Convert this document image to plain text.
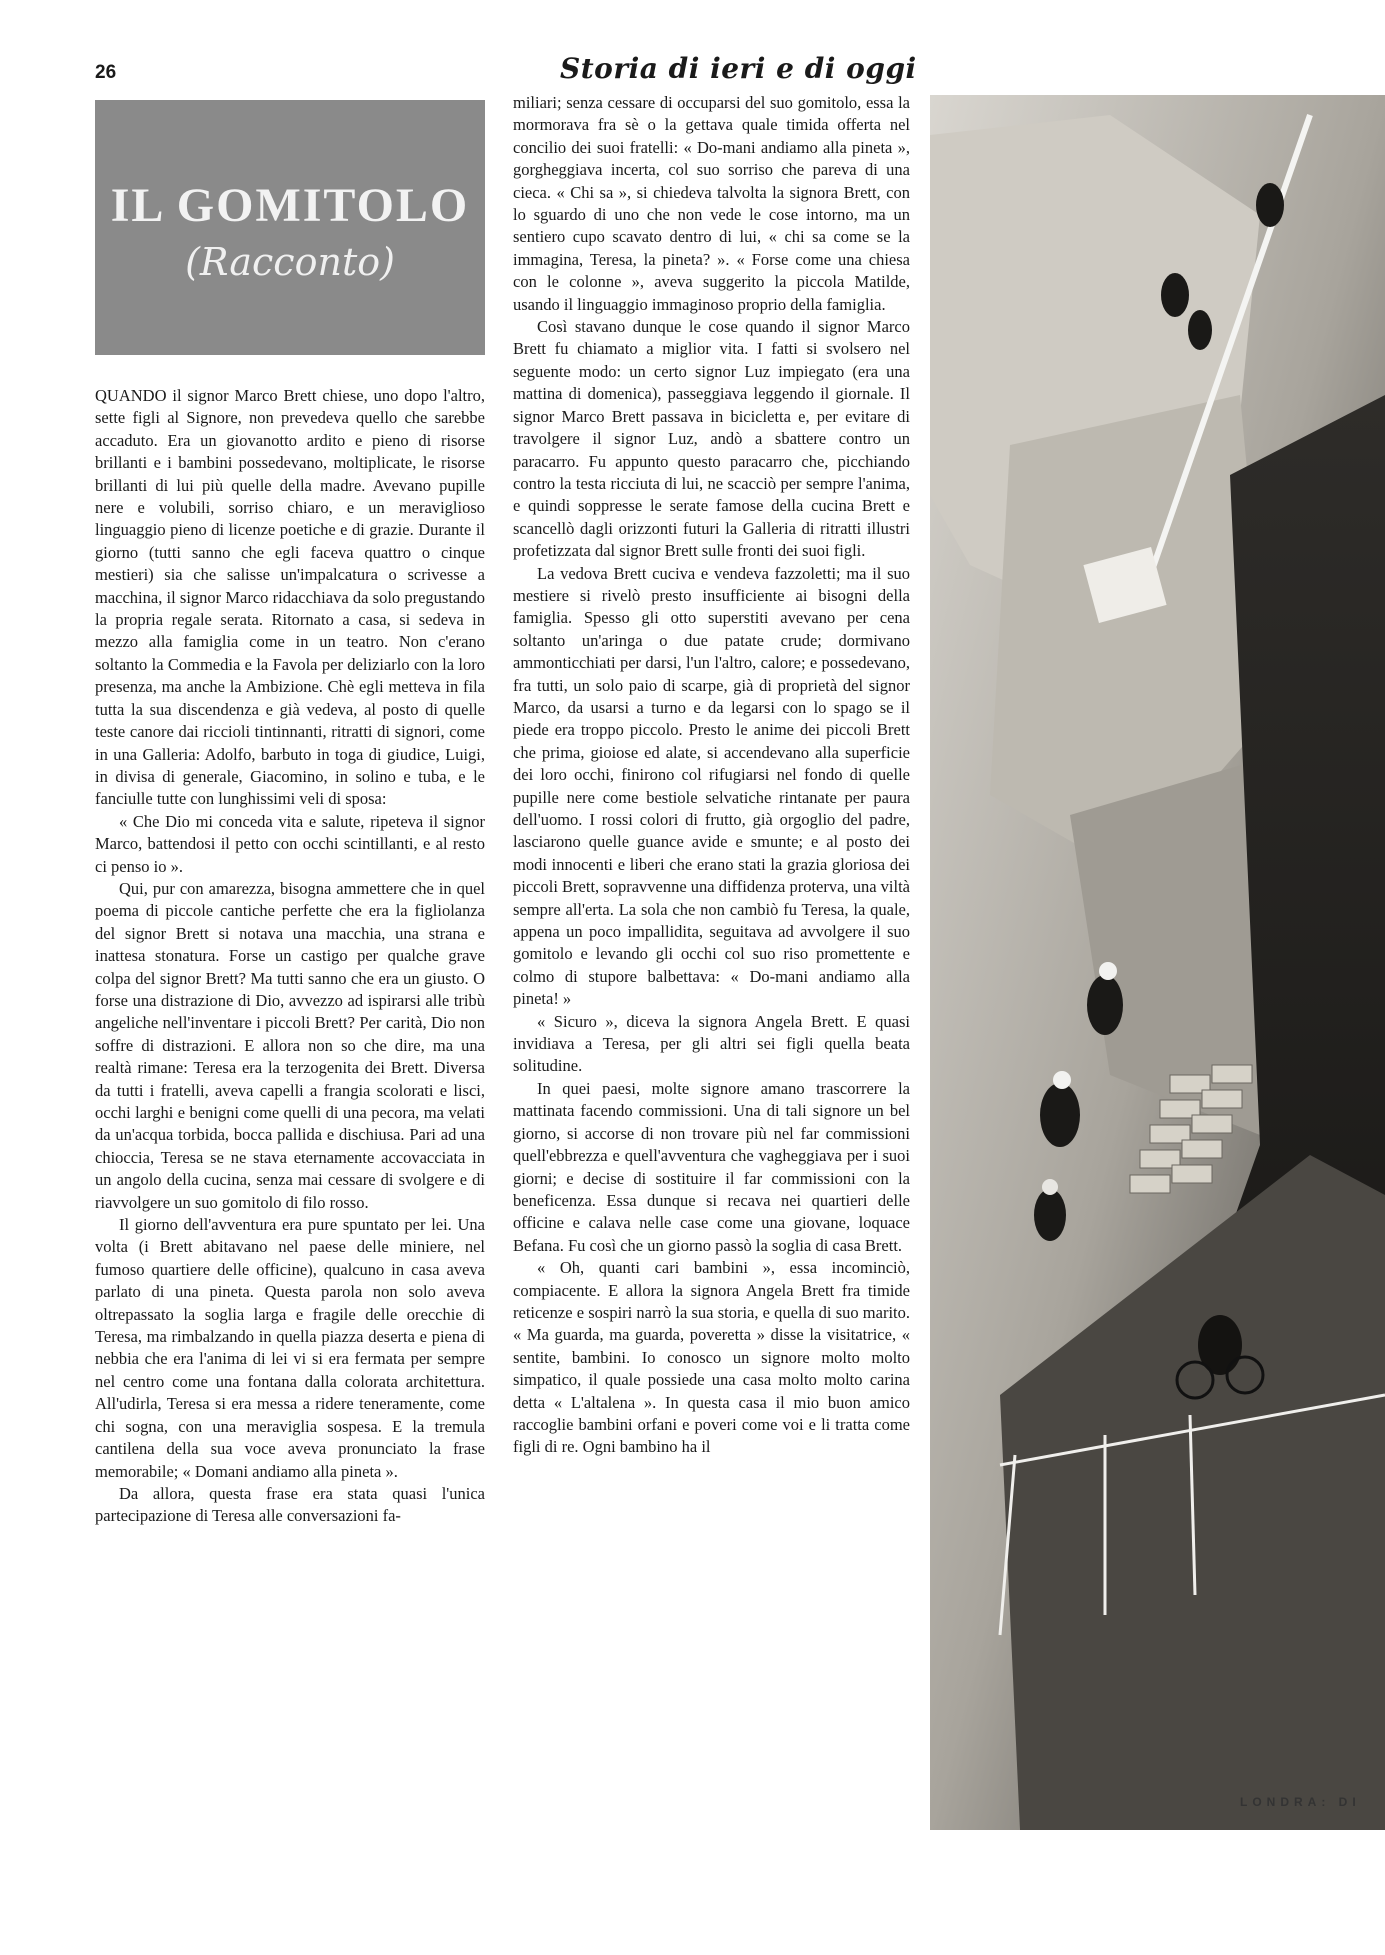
26	Storia di ieri e di oggi
IL GOMITOLO
(Racconto)

QUANDO il signor Marco Brett chiese, uno dopo l'altro, sette figli al Signore, non prevedeva quello che sarebbe accaduto. Era un giovanotto ardito e pieno di risorse brillanti e i bambini possedevano, moltiplicate, le risorse brillanti di lui più quelle della madre. Avevano pupille nere e volubili, sorriso chiaro, e un meraviglioso linguaggio pieno di licenze poetiche e di grazie. Durante il giorno (tutti sanno che egli faceva quattro o cinque mestieri) sia che salisse un'impalcatura o scrivesse a macchina, il signor Marco ridacchiava da solo pregustando la propria regale serata. Ritornato a casa, si sedeva in mezzo alla famiglia come in un teatro. Non c'erano soltanto la Commedia e la Favola per deliziarlo con la loro presenza, ma anche la Ambizione. Chè egli metteva in fila tutta la sua discendenza e già vedeva, al posto di quelle teste canore dai riccioli tintinnanti, ritratti di signori, come in una Galleria: Adolfo, barbuto in toga di giudice, Luigi, in divisa di generale, Giacomino, in solino e tuba, e le fanciulle tutte con lunghissimi veli di sposa:

« Che Dio mi conceda vita e salute, ripeteva il signor Marco, battendosi il petto con occhi scintillanti, e al resto ci penso io ».

Qui, pur con amarezza, bisogna ammettere che in quel poema di piccole cantiche perfette che era la figliolanza del signor Brett si notava una macchia, una strana e inattesa stonatura. Forse un castigo per qualche grave colpa del signor Brett? Ma tutti sanno che era un giusto. O forse una distrazione di Dio, avvezzo ad ispirarsi alle tribù angeliche nell'inventare i piccoli Brett? Per carità, Dio non soffre di distrazioni. E allora non so che dire, ma una realtà rimane: Teresa era la terzogenita dei Brett. Diversa da tutti i fratelli, aveva capelli a frangia scolorati e lisci, occhi larghi e benigni come quelli di una pecora, ma velati da un'acqua torbida, bocca pallida e dischiusa. Pari ad una chioccia, Teresa se ne stava eternamente accovacciata in un angolo della cucina, senza mai cessare di svolgere e di riavvolgere un suo gomitolo di filo rosso.

Il giorno dell'avventura era pure spuntato per lei. Una volta (i Brett abitavano nel paese delle miniere, nel fumoso quartiere delle officine), qualcuno in casa aveva parlato di una pineta. Questa parola non solo aveva oltrepassato la soglia larga e fragile delle orecchie di Teresa, ma rimbalzando in quella piazza deserta e piena di nebbia che era l'anima di lei vi si era fermata per sempre nel centro come una fontana dalla colorata architettura. All'udirla, Teresa si era messa a ridere teneramente, come chi sogna, con una meraviglia sospesa. E la tremula cantilena della sua voce aveva pronunciato la frase memorabile; « Domani andiamo alla pineta ».

Da allora, questa frase era stata quasi l'unica partecipazione di Teresa alle conversazioni fa-

miliari; senza cessare di occuparsi del suo gomitolo, essa la mormorava fra sè o la gettava quale timida offerta nel concilio dei suoi fratelli: « Do-mani andiamo alla pineta », gorgheggiava incerta, col suo sorriso che pareva di una cieca. « Chi sa », si chiedeva talvolta la signora Brett, con lo sguardo di uno che non vede le cose intorno, ma un sentiero cupo scavato dentro di lui, « chi sa come se la immagina, Teresa, la pineta? ». « Forse come una chiesa con le colonne », aveva suggerito la piccola Matilde, usando il linguaggio immaginoso proprio della famiglia.

Così stavano dunque le cose quando il signor Marco Brett fu chiamato a miglior vita. I fatti si svolsero nel seguente modo: un certo signor Luz impiegato (era una mattina di domenica), passeggiava leggendo il giornale. Il signor Marco Brett passava in bicicletta e, per evitare di travolgere il signor Luz, andò a sbattere contro un paracarro. Fu appunto questo paracarro che, picchiando contro la testa ricciuta di lui, ne scacciò per sempre l'anima, e quindi soppresse le serate famose della cucina Brett e scancellò dagli orizzonti futuri la Galleria di ritratti illustri profetizzata dal signor Brett sulle fronti dei suoi figli.

La vedova Brett cuciva e vendeva fazzoletti; ma il suo mestiere si rivelò presto insufficiente ai bisogni della famiglia. Spesso gli otto superstiti avevano per cena soltanto un'aringa o due patate crude; dormivano ammonticchiati per darsi, l'un l'altro, calore; e possedevano, fra tutti, un solo paio di scarpe, già di proprietà del signor Marco, da usarsi a turno e da legarsi con lo spago se il piede era troppo piccolo. Presto le anime dei piccoli Brett che prima, gioiose ed alate, si accendevano alla superficie dei loro occhi, finirono col rifugiarsi nel fondo di quelle pupille nere come bestiole selvatiche rintanate per paura dell'uomo. I rossi colori di frutto, già orgoglio del padre, lasciarono quelle guance avide e smunte; e al posto dei modi innocenti e liberi che erano stati la grazia gloriosa dei piccoli Brett, sopravvenne una diffidenza proterva, una viltà sempre all'erta. La sola che non cambiò fu Teresa, la quale, appena un poco impallidita, seguitava ad avvolgere il suo gomitolo e levando gli occhi col suo riso promettente e colmo di stupore balbettava: « Do-mani andiamo alla pineta! »

« Sicuro », diceva la signora Angela Brett. E quasi invidiava a Teresa, per gli altri sei figli quella beata solitudine.

In quei paesi, molte signore amano trascorrere la mattinata facendo commissioni. Una di tali signore un bel giorno, si accorse di non trovare più nel far commissioni quell'ebbrezza e quell'avventura che vagheggiava per i suoi giorni; e decise di sostituire il far commissioni con la beneficenza. Essa dunque si recava nei quartieri delle officine e calava nelle case come una giovane, loquace Befana. Fu così che un giorno passò la soglia di casa Brett.

« Oh, quanti cari bambini », essa incominciò, compiacente. E allora la signora Angela Brett fra timide reticenze e sospiri narrò la sua storia, e quella di suo marito. « Ma guarda, ma guarda, poveretta » disse la visitatrice, « sentite, bambini. Io conosco un signore molto molto simpatico, il quale possiede una casa molto molto carina detta « L'altalena ». In questa casa il mio buon amico raccoglie bambini orfani e poveri come voi e li tratta come figli di re. Ogni bambino ha il

LONDRA: DI
